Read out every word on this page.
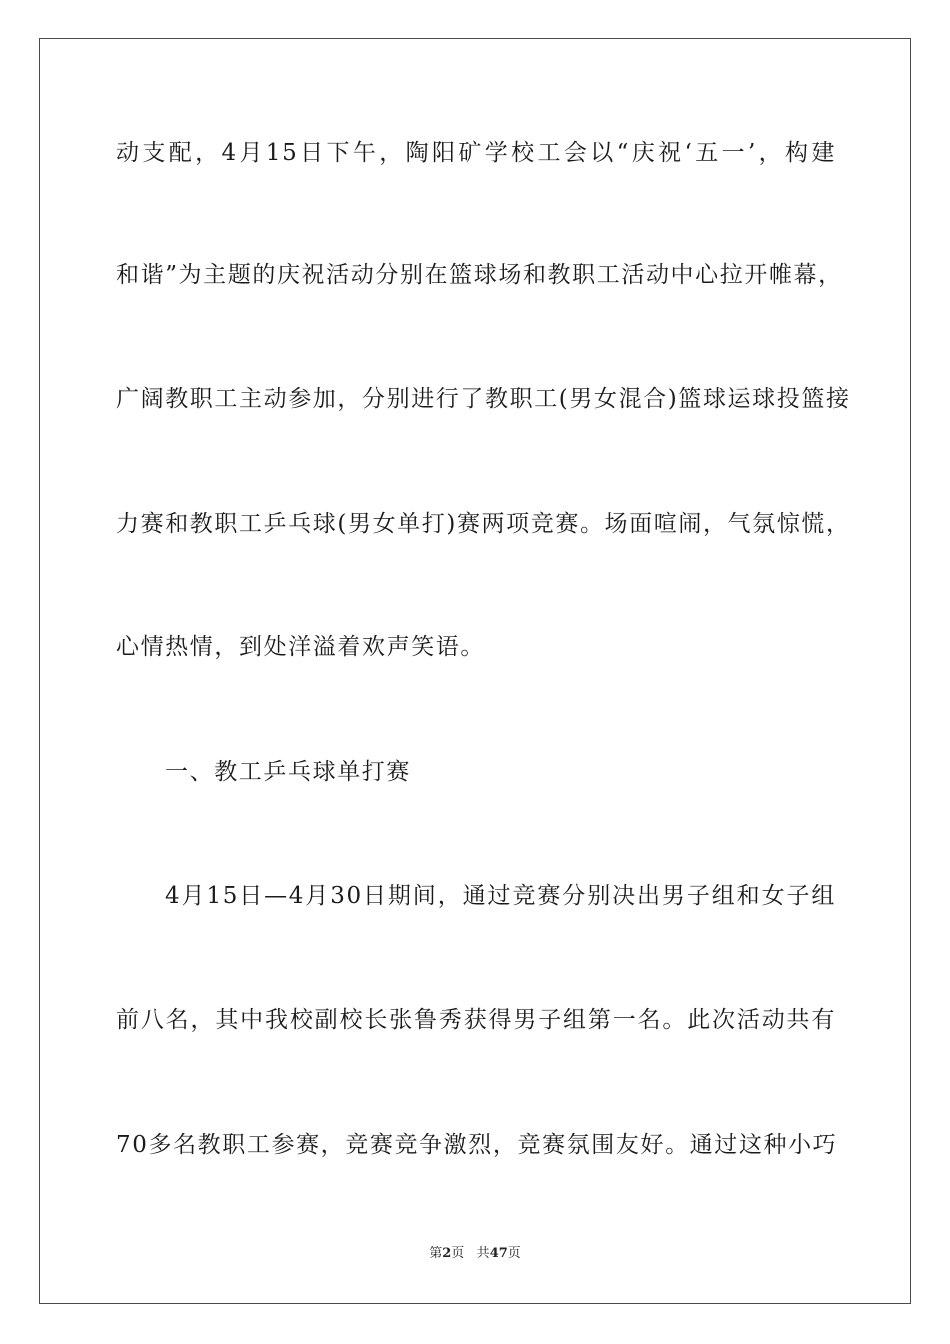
动支配，4月15日下午，陶阳矿学校工会以“庆祝‘五一’，构建
和谐”为主题的庆祝活动分别在篮球场和教职工活动中心拉开帷幕，
广阔教职工主动参加，分别进行了教职工(男女混合)篮球运球投篮接
力赛和教职工乒乓球(男女单打)赛两项竞赛。场面喧闹，气氛惊慌，
心情热情，到处洋溢着欢声笑语。
一、教工乒乓球单打赛
4月15日—4月30日期间，通过竞赛分别决出男子组和女子组
前八名，其中我校副校长张鲁秀获得男子组第一名。此次活动共有
70多名教职工参赛，竞赛竞争激烈，竞赛氛围友好。通过这种小巧
第2页 共47页
